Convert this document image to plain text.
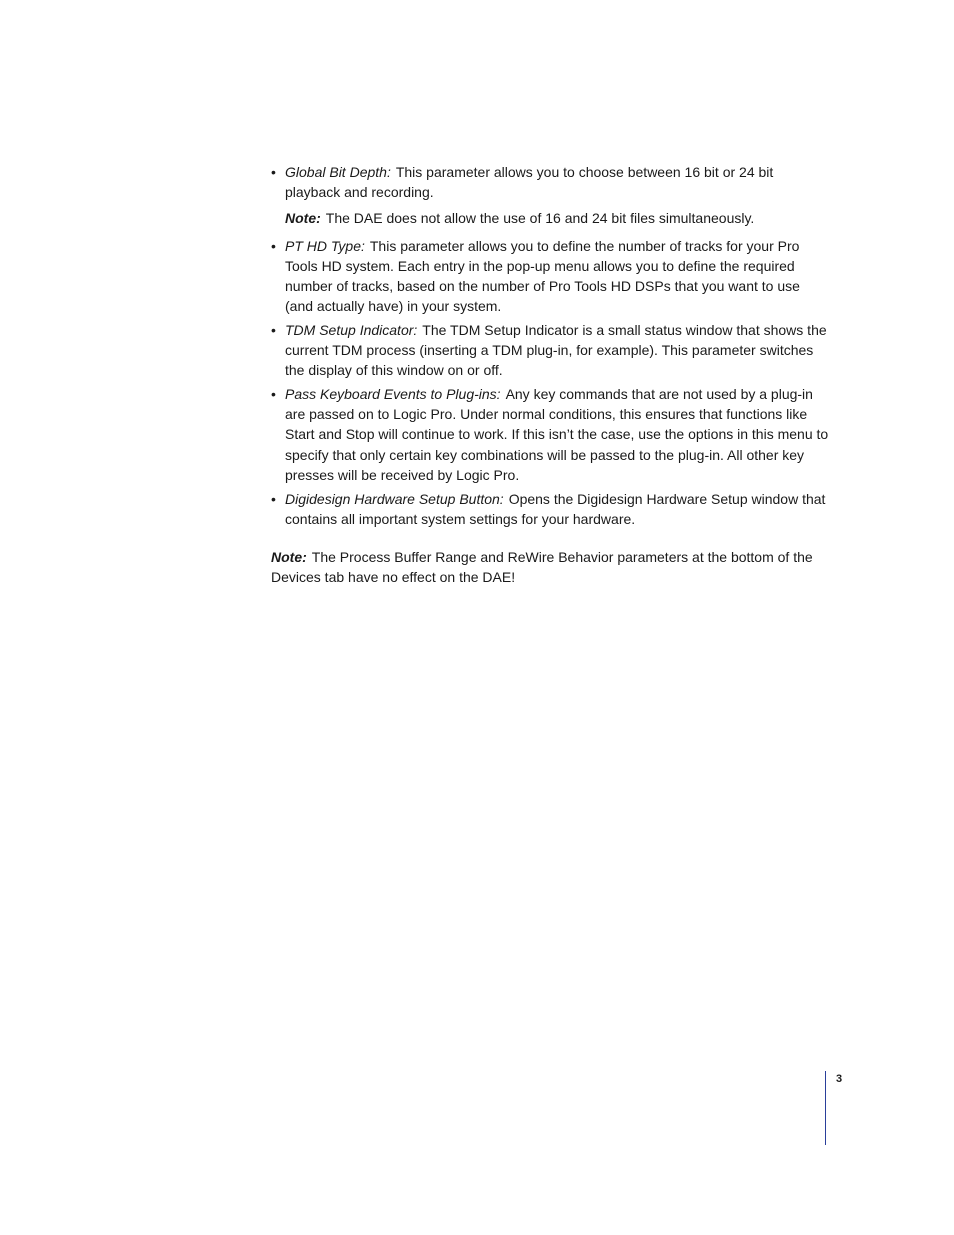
• Global Bit Depth: This parameter allows you to choose between 16 bit or 24 bit playback and recording.
Note: The DAE does not allow the use of 16 and 24 bit files simultaneously.
• PT HD Type: This parameter allows you to define the number of tracks for your Pro Tools HD system. Each entry in the pop-up menu allows you to define the required number of tracks, based on the number of Pro Tools HD DSPs that you want to use (and actually have) in your system.
• TDM Setup Indicator: The TDM Setup Indicator is a small status window that shows the current TDM process (inserting a TDM plug-in, for example). This parameter switches the display of this window on or off.
• Pass Keyboard Events to Plug-ins: Any key commands that are not used by a plug-in are passed on to Logic Pro. Under normal conditions, this ensures that functions like Start and Stop will continue to work. If this isn’t the case, use the options in this menu to specify that only certain key combinations will be passed to the plug-in. All other key presses will be received by Logic Pro.
• Digidesign Hardware Setup Button: Opens the Digidesign Hardware Setup window that contains all important system settings for your hardware.
Note: The Process Buffer Range and ReWire Behavior parameters at the bottom of the Devices tab have no effect on the DAE!
3
